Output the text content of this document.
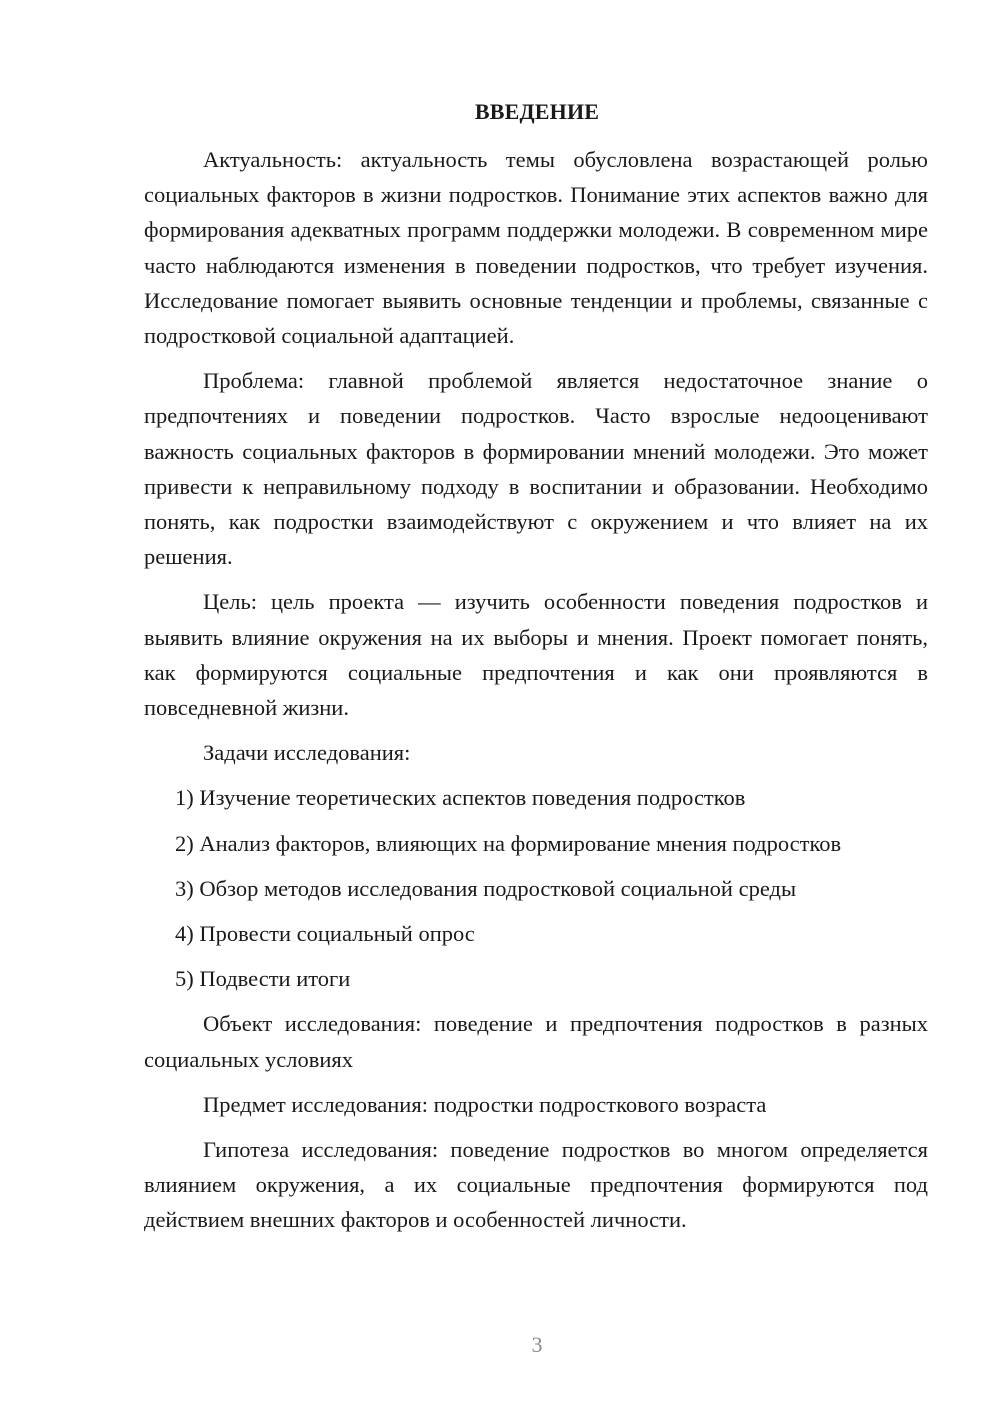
ВВЕДЕНИЕ

Актуальность: актуальность темы обусловлена возрастающей ролью социальных факторов в жизни подростков. Понимание этих аспектов важно для формирования адекватных программ поддержки молодежи. В современном мире часто наблюдаются изменения в поведении подростков, что требует изучения. Исследование помогает выявить основные тенденции и проблемы, связанные с подростковой социальной адаптацией.

Проблема: главной проблемой является недостаточное знание о предпочтениях и поведении подростков. Часто взрослые недооценивают важность социальных факторов в формировании мнений молодежи. Это может привести к неправильному подходу в воспитании и образовании. Необходимо понять, как подростки взаимодействуют с окружением и что влияет на их решения.

Цель: цель проекта — изучить особенности поведения подростков и выявить влияние окружения на их выборы и мнения. Проект помогает понять, как формируются социальные предпочтения и как они проявляются в повседневной жизни.

Задачи исследования:

1) Изучение теоретических аспектов поведения подростков
2) Анализ факторов, влияющих на формирование мнения подростков
3) Обзор методов исследования подростковой социальной среды
4) Провести социальный опрос
5) Подвести итоги

Объект исследования: поведение и предпочтения подростков в разных социальных условиях

Предмет исследования: подростки подросткового возраста

Гипотеза исследования: поведение подростков во многом определяется влиянием окружения, а их социальные предпочтения формируются под действием внешних факторов и особенностей личности.

3
